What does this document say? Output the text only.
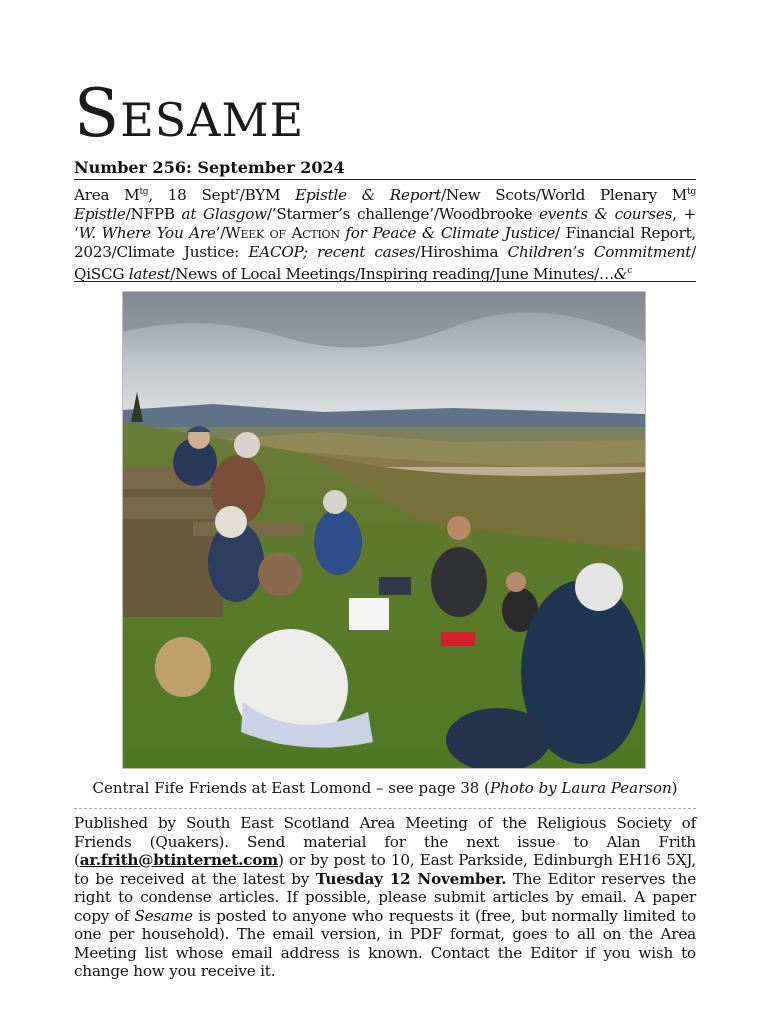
Sesame
Number 256: September 2024
Area $M^{tg}$, 18 Sept$^r$/BYM Epistle & Report/New Scots/World Plenary $M^{tg}$ Epistle/NFPB at Glasgow/’Starmer’s challenge’/Woodbrooke events & courses, + ‘W. Where You Are’/Week of Action for Peace & Climate Justice/ Financial Report, 2023/Climate Justice: EACOP; recent cases/Hiroshima Children’s Commitment/ QiSCG latest/News of Local Meetings/Inspiring reading/June Minutes/…&$^c$
Central Fife Friends at East Lomond – see page 38 (Photo by Laura Pearson)
Published by South East Scotland Area Meeting of the Religious Society of Friends (Quakers). Send material for the next issue to Alan Frith (ar.frith@btinternet.com) or by post to 10, East Parkside, Edinburgh EH16 5XJ, to be received at the latest by Tuesday 12 November. The Editor reserves the right to condense articles. If possible, please submit articles by email. A paper copy of Sesame is posted to anyone who requests it (free, but normally limited to one per household). The email version, in PDF format, goes to all on the Area Meeting list whose email address is known. Contact the Editor if you wish to change how you receive it.
